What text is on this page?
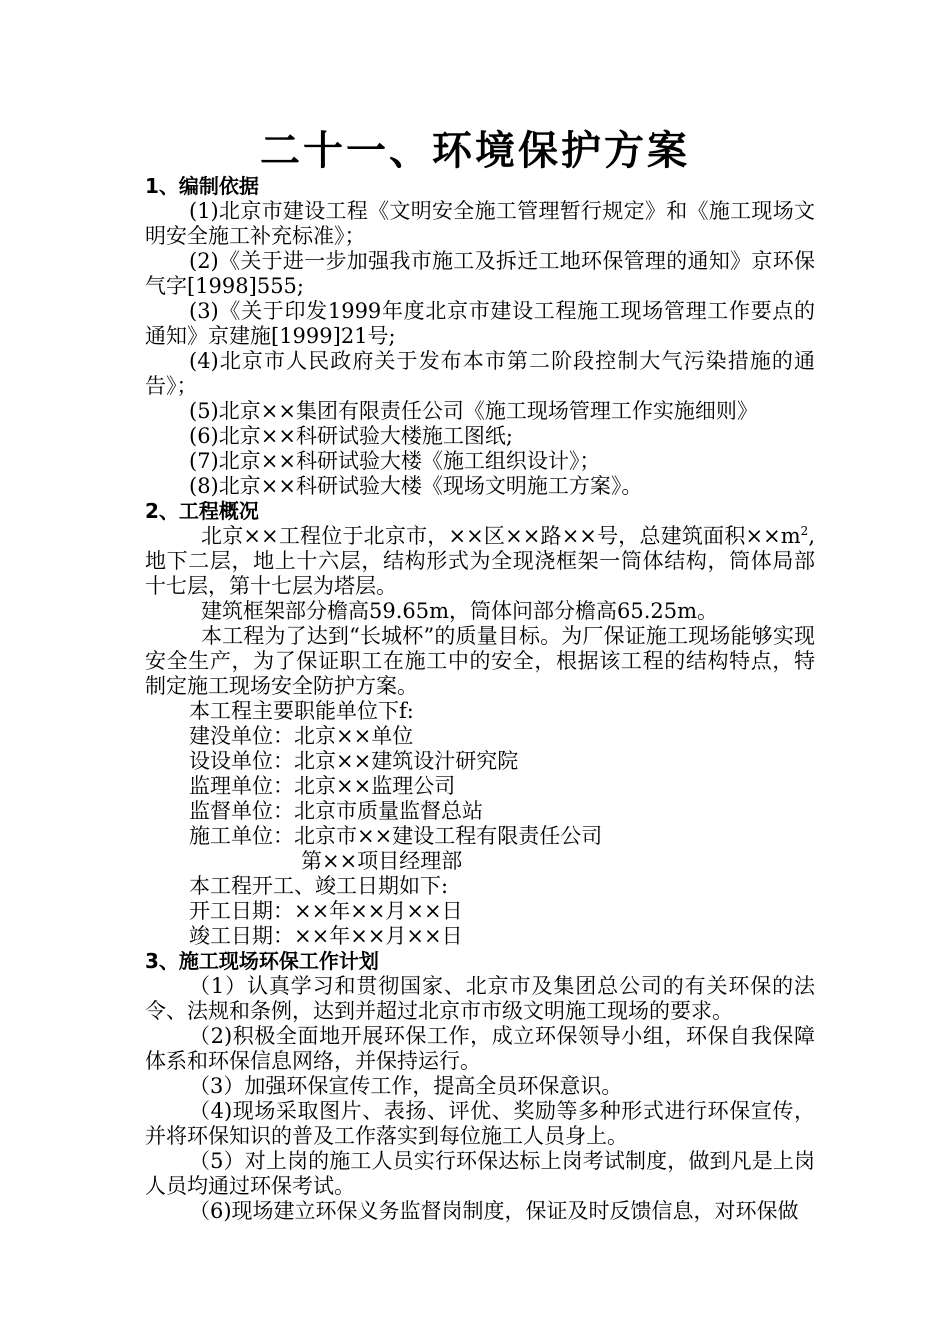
二十一、环境保护方案
1、编制依据
(1)北京市建设工程《文明安全施工管理暂行规定》和《施工现场文明安全施工补充标准》；
(2)《关于进一步加强我市施工及拆迁工地环保管理的通知》京环保气字[1998]555;
(3)《关于印发1999年度北京市建设工程施工现场管理工作要点的通知》京建施[1999]21号;
(4)北京市人民政府关于发布本市第二阶段控制大气污染措施的通告》；
(5)北京××集团有限责任公司《施工现场管理工作实施细则》
(6)北京××科研试验大楼施工图纸;
(7)北京××科研试验大楼《施工组织设计》；
(8)北京××科研试验大楼《现场文明施工方案》。
2、工程概况
北京××工程位于北京市，××区××路××号，总建筑面积$\times\times m^2$,地下二层，地上十六层，结构形式为全现浇框架一筒体结构，筒体局部十七层，第十七层为塔层。
建筑框架部分檐高59.65m，筒体问部分檐高65.25m。
本工程为了达到“长城杯”的质量目标。为厂保证施工现场能够实现安全生产，为了保证职工在施工中的安全，根据该工程的结构特点，特制定施工现场安全防护方案。
本工程主要职能单位下f:
建没单位：北京××单位
设设单位：北京××建筑设汁研究院
监理单位：北京××监理公司
监督单位：北京市质量监督总站
施工单位：北京市××建设工程有限责任公司
第××项目经理部
本工程开工、竣工日期如下:
开工日期：××年××月××日
竣工日期：××年××月××日
3、施工现场环保工作计划
（1）认真学习和贯彻国家、北京市及集团总公司的有关环保的法令、法规和条例，达到并超过北京市市级文明施工现场的要求。
（2)积极全面地开展环保工作，成立环保领导小组，环保自我保障体系和环保信息网络，并保持运行。
（3）加强环保宣传工作，提高全员环保意识。
（4)现场采取图片、表扬、评优、奖励等多种形式进行环保宣传，并将环保知识的普及工作落实到每位施工人员身上。
（5）对上岗的施工人员实行环保达标上岗考试制度，做到凡是上岗人员均通过环保考试。
（6)现场建立环保义务监督岗制度，保证及时反馈信息，对环保做
